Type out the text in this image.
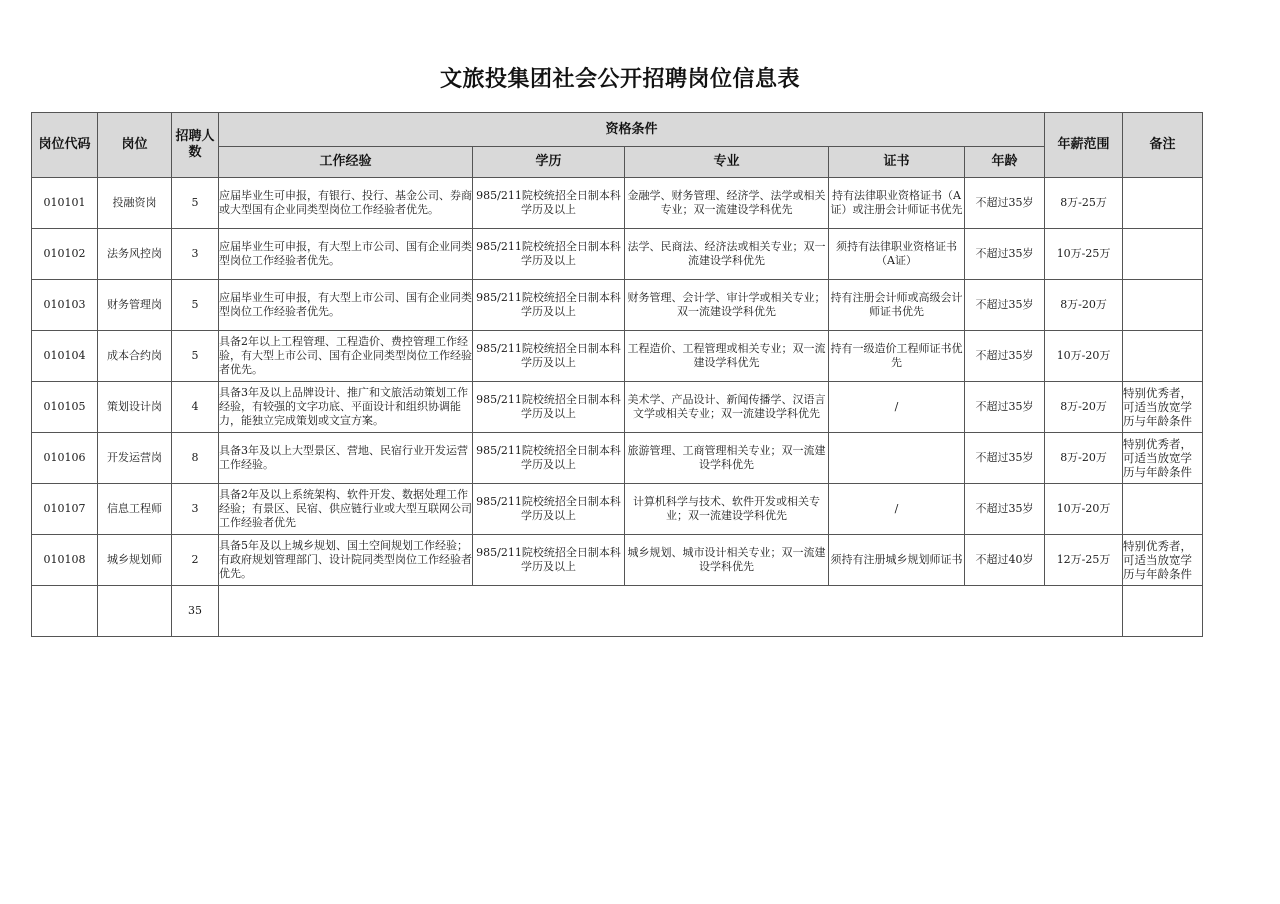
文旅投集团社会公开招聘岗位信息表
岗位代码	岗位	招聘人数	资格条件					年薪范围	备注
			工作经验	学历	专业	证书	年龄		
010101	投融资岗	5	应届毕业生可申报，有银行、投行、基金公司、券商或大型国有企业同类型岗位工作经验者优先。	985/211院校统招全日制本科学历及以上	金融学、财务管理、经济学、法学或相关专业；双一流建设学科优先	持有法律职业资格证书（A证）或注册会计师证书优先	不超过35岁	8万-25万	
010102	法务风控岗	3	应届毕业生可申报，有大型上市公司、国有企业同类型岗位工作经验者优先。	985/211院校统招全日制本科学历及以上	法学、民商法、经济法或相关专业；双一流建设学科优先	须持有法律职业资格证书（A证）	不超过35岁	10万-25万	
010103	财务管理岗	5	应届毕业生可申报，有大型上市公司、国有企业同类型岗位工作经验者优先。	985/211院校统招全日制本科学历及以上	财务管理、会计学、审计学或相关专业；双一流建设学科优先	持有注册会计师或高级会计师证书优先	不超过35岁	8万-20万	
010104	成本合约岗	5	具备2年以上工程管理、工程造价、费控管理工作经验，有大型上市公司、国有企业同类型岗位工作经验者优先。	985/211院校统招全日制本科学历及以上	工程造价、工程管理或相关专业；双一流建设学科优先	持有一级造价工程师证书优先	不超过35岁	10万-20万	
010105	策划设计岗	4	具备3年及以上品牌设计、推广和文旅活动策划工作经验，有较强的文字功底、平面设计和组织协调能力，能独立完成策划或文宣方案。	985/211院校统招全日制本科学历及以上	美术学、产品设计、新闻传播学、汉语言文学或相关专业；双一流建设学科优先	/	不超过35岁	8万-20万	特别优秀者，可适当放宽学历与年龄条件
010106	开发运营岗	8	具备3年及以上大型景区、营地、民宿行业开发运营工作经验。	985/211院校统招全日制本科学历及以上	旅游管理、工商管理相关专业；双一流建设学科优先		不超过35岁	8万-20万	特别优秀者，可适当放宽学历与年龄条件
010107	信息工程师	3	具备2年及以上系统架构、软件开发、数据处理工作经验；有景区、民宿、供应链行业或大型互联网公司工作经验者优先	985/211院校统招全日制本科学历及以上	计算机科学与技术、软件开发或相关专业；双一流建设学科优先	/	不超过35岁	10万-20万	
010108	城乡规划师	2	具备5年及以上城乡规划、国土空间规划工作经验；有政府规划管理部门、设计院同类型岗位工作经验者优先。	985/211院校统招全日制本科学历及以上	城乡规划、城市设计相关专业；双一流建设学科优先	须持有注册城乡规划师证书	不超过40岁	12万-25万	特别优秀者，可适当放宽学历与年龄条件
		35							
